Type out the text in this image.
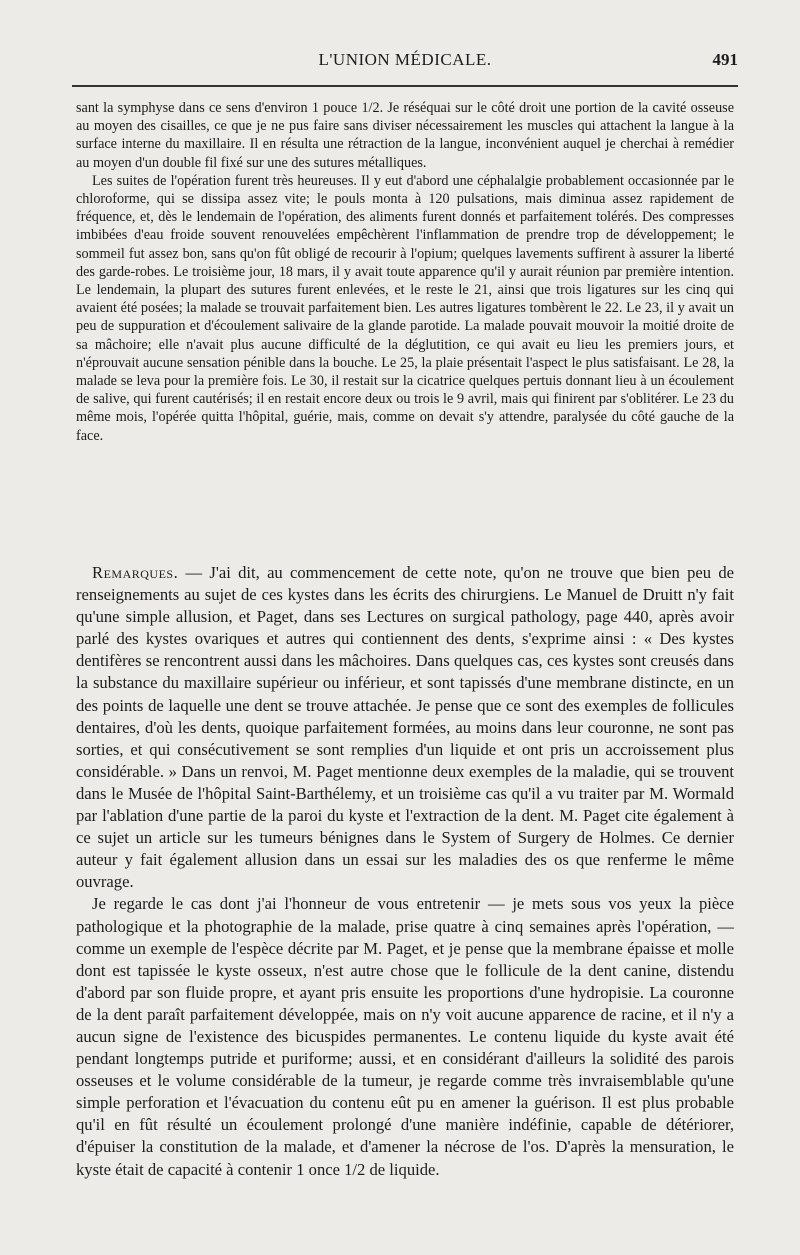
L'UNION MÉDICALE.	491

sant la symphyse dans ce sens d'environ 1 pouce 1/2. Je réséquai sur le côté droit une portion de la cavité osseuse au moyen des cisailles, ce que je ne pus faire sans diviser nécessairement les muscles qui attachent la langue à la surface interne du maxillaire. Il en résulta une rétraction de la langue, inconvénient auquel je cherchai à remédier au moyen d'un double fil fixé sur une des sutures métalliques.

Les suites de l'opération furent très heureuses. Il y eut d'abord une céphalalgie probablement occasionnée par le chloroforme, qui se dissipa assez vite; le pouls monta à 120 pulsations, mais diminua assez rapidement de fréquence, et, dès le lendemain de l'opération, des aliments furent donnés et parfaitement tolérés. Des compresses imbibées d'eau froide souvent renouvelées empêchèrent l'inflammation de prendre trop de développement; le sommeil fut assez bon, sans qu'on fût obligé de recourir à l'opium; quelques lavements suffirent à assurer la liberté des garde-robes. Le troisième jour, 18 mars, il y avait toute apparence qu'il y aurait réunion par première intention. Le lendemain, la plupart des sutures furent enlevées, et le reste le 21, ainsi que trois ligatures sur les cinq qui avaient été posées; la malade se trouvait parfaitement bien. Les autres ligatures tombèrent le 22. Le 23, il y avait un peu de suppuration et d'écoulement salivaire de la glande parotide. La malade pouvait mouvoir la moitié droite de sa mâchoire; elle n'avait plus aucune difficulté de la déglutition, ce qui avait eu lieu les premiers jours, et n'éprouvait aucune sensation pénible dans la bouche. Le 25, la plaie présentait l'aspect le plus satisfaisant. Le 28, la malade se leva pour la première fois. Le 30, il restait sur la cicatrice quelques pertuis donnant lieu à un écoulement de salive, qui furent cautérisés; il en restait encore deux ou trois le 9 avril, mais qui finirent par s'oblitérer. Le 23 du même mois, l'opérée quitta l'hôpital, guérie, mais, comme on devait s'y attendre, paralysée du côté gauche de la face.

Remarques. — J'ai dit, au commencement de cette note, qu'on ne trouve que bien peu de renseignements au sujet de ces kystes dans les écrits des chirurgiens. Le Manuel de Druitt n'y fait qu'une simple allusion, et Paget, dans ses Lectures on surgical pathology, page 440, après avoir parlé des kystes ovariques et autres qui contiennent des dents, s'exprime ainsi : « Des kystes dentifères se rencontrent aussi dans les mâchoires. Dans quelques cas, ces kystes sont creusés dans la substance du maxillaire supérieur ou inférieur, et sont tapissés d'une membrane distincte, en un des points de laquelle une dent se trouve attachée. Je pense que ce sont des exemples de follicules dentaires, d'où les dents, quoique parfaitement formées, au moins dans leur couronne, ne sont pas sorties, et qui consécutivement se sont remplies d'un liquide et ont pris un accroissement plus considérable. » Dans un renvoi, M. Paget mentionne deux exemples de la maladie, qui se trouvent dans le Musée de l'hôpital Saint-Barthélemy, et un troisième cas qu'il a vu traiter par M. Wormald par l'ablation d'une partie de la paroi du kyste et l'extraction de la dent. M. Paget cite également à ce sujet un article sur les tumeurs bénignes dans le System of Surgery de Holmes. Ce dernier auteur y fait également allusion dans un essai sur les maladies des os que renferme le même ouvrage.

Je regarde le cas dont j'ai l'honneur de vous entretenir — je mets sous vos yeux la pièce pathologique et la photographie de la malade, prise quatre à cinq semaines après l'opération, — comme un exemple de l'espèce décrite par M. Paget, et je pense que la membrane épaisse et molle dont est tapissée le kyste osseux, n'est autre chose que le follicule de la dent canine, distendu d'abord par son fluide propre, et ayant pris ensuite les proportions d'une hydropisie. La couronne de la dent paraît parfaitement développée, mais on n'y voit aucune apparence de racine, et il n'y a aucun signe de l'existence des bicuspides permanentes. Le contenu liquide du kyste avait été pendant longtemps putride et puriforme; aussi, et en considérant d'ailleurs la solidité des parois osseuses et le volume considérable de la tumeur, je regarde comme très invraisemblable qu'une simple perforation et l'évacuation du contenu eût pu en amener la guérison. Il est plus probable qu'il en fût résulté un écoulement prolongé d'une manière indéfinie, capable de détériorer, d'épuiser la constitution de la malade, et d'amener la nécrose de l'os. D'après la mensuration, le kyste était de capacité à contenir 1 once 1/2 de liquide.
